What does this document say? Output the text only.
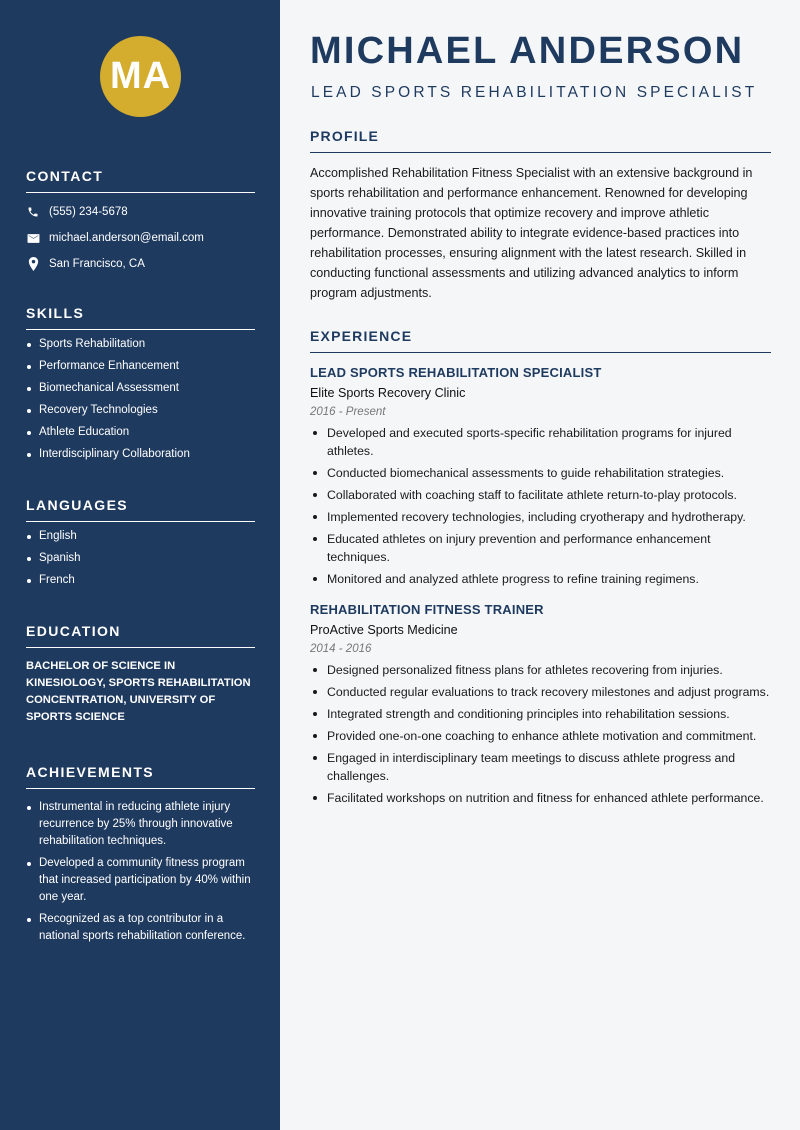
MA
CONTACT
(555) 234-5678
michael.anderson@email.com
San Francisco, CA
SKILLS
Sports Rehabilitation
Performance Enhancement
Biomechanical Assessment
Recovery Technologies
Athlete Education
Interdisciplinary Collaboration
LANGUAGES
English
Spanish
French
EDUCATION
BACHELOR OF SCIENCE IN KINESIOLOGY, SPORTS REHABILITATION CONCENTRATION, UNIVERSITY OF SPORTS SCIENCE
ACHIEVEMENTS
Instrumental in reducing athlete injury recurrence by 25% through innovative rehabilitation techniques.
Developed a community fitness program that increased participation by 40% within one year.
Recognized as a top contributor in a national sports rehabilitation conference.
MICHAEL ANDERSON
LEAD SPORTS REHABILITATION SPECIALIST
PROFILE

Accomplished Rehabilitation Fitness Specialist with an extensive background in sports rehabilitation and performance enhancement. Renowned for developing innovative training protocols that optimize recovery and improve athletic performance. Demonstrated ability to integrate evidence-based practices into rehabilitation processes, ensuring alignment with the latest research. Skilled in conducting functional assessments and utilizing advanced analytics to inform program adjustments.

EXPERIENCE
LEAD SPORTS REHABILITATION SPECIALIST
Elite Sports Recovery Clinic
2016 - Present
Developed and executed sports-specific rehabilitation programs for injured athletes.
Conducted biomechanical assessments to guide rehabilitation strategies.
Collaborated with coaching staff to facilitate athlete return-to-play protocols.
Implemented recovery technologies, including cryotherapy and hydrotherapy.
Educated athletes on injury prevention and performance enhancement techniques.
Monitored and analyzed athlete progress to refine training regimens.
REHABILITATION FITNESS TRAINER
ProActive Sports Medicine
2014 - 2016
Designed personalized fitness plans for athletes recovering from injuries.
Conducted regular evaluations to track recovery milestones and adjust programs.
Integrated strength and conditioning principles into rehabilitation sessions.
Provided one-on-one coaching to enhance athlete motivation and commitment.
Engaged in interdisciplinary team meetings to discuss athlete progress and challenges.
Facilitated workshops on nutrition and fitness for enhanced athlete performance.
